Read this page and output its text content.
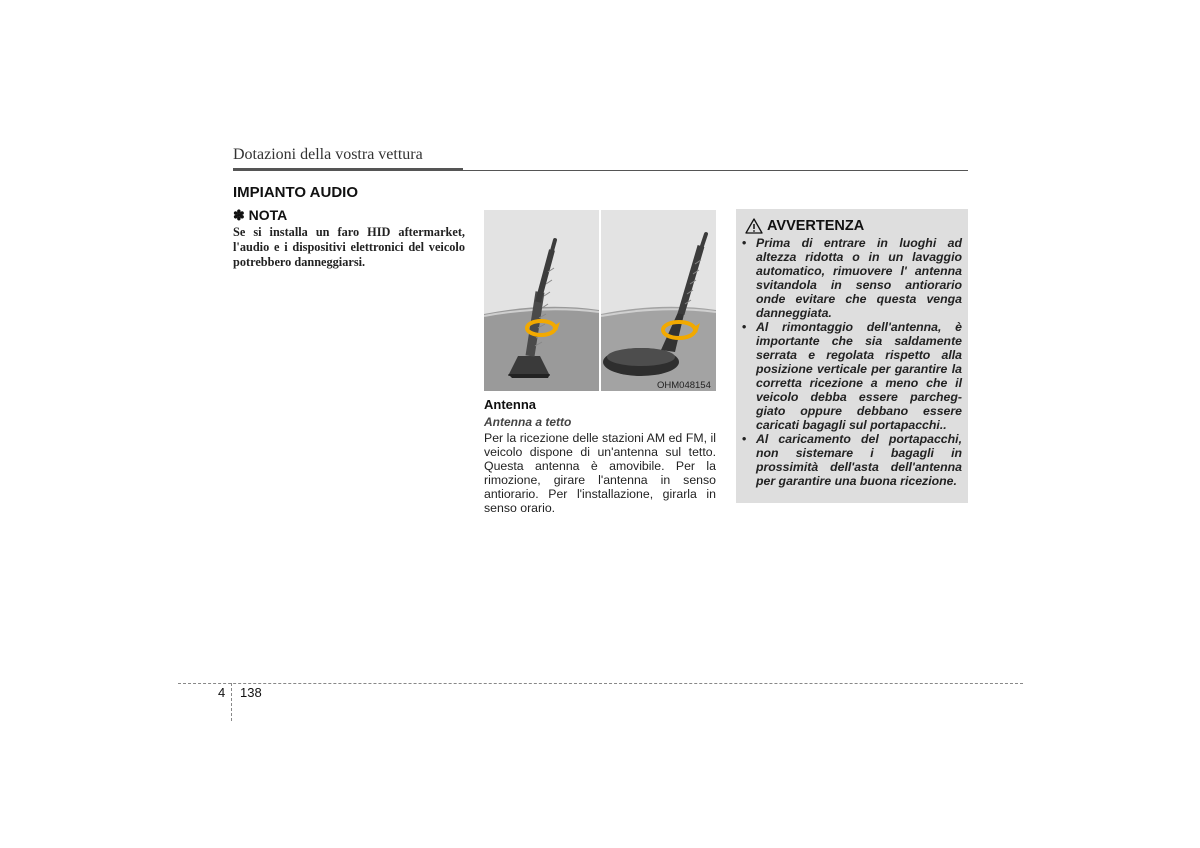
Dotazioni della vostra vettura
IMPIANTO AUDIO
✽ NOTA
Se si installa un faro HID aftermarket, l'audio e i dispositivi elettronici del veicolo potrebbero danneggiarsi.
OHM048154
Antenna
Antenna a tetto
Per la ricezione delle stazioni AM ed FM, il veicolo dispone di un'antenna sul tetto. Questa antenna è amovibile. Per la rimozione, girare l'antenna in senso antiorario. Per l'installazione, girarla in senso orario.
AVVERTENZA
• Prima di entrare in luoghi ad altezza ridotta o in un lavaggio automatico, rimuovere l' antenna svitandola in senso antiorario onde evitare che questa venga danneggiata.
• Al rimontaggio dell'antenna, è importante che sia saldamente serrata e regolata rispetto alla posizione verticale per garantire la corretta ricezione a meno che il veicolo debba essere parcheg-giato oppure debbano essere caricati bagagli sul portapacchi..
• Al caricamento del portapacchi, non sistemare i bagagli in prossimità dell'asta dell'antenna per garantire una buona ricezione.
4 138
